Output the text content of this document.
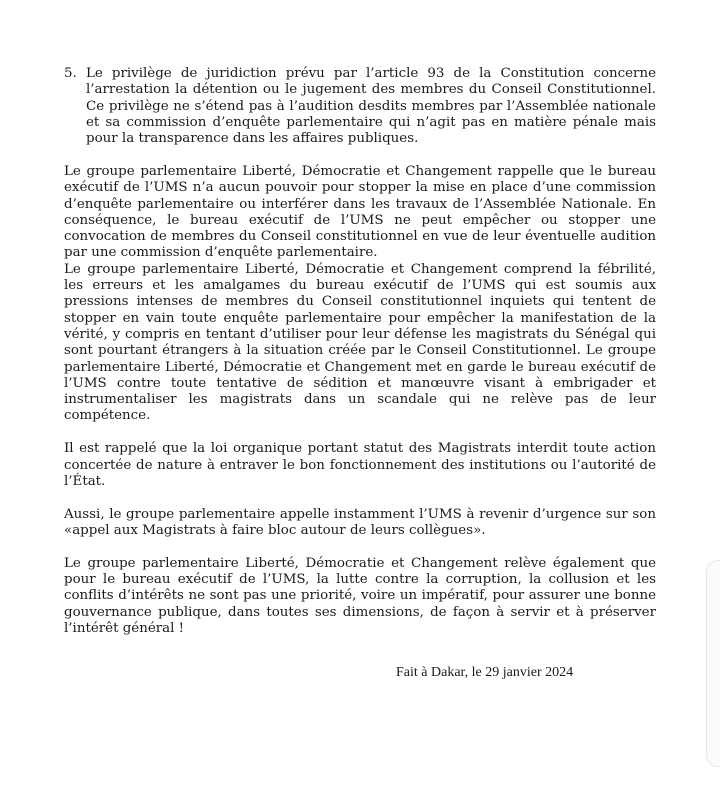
5. Le privilège de juridiction prévu par l’article 93 de la Constitution concerne l’arrestation la détention ou le jugement des membres du Conseil Constitutionnel. Ce privilège ne s’étend pas à l’audition desdits membres par l’Assemblée nationale et sa commission d’enquête parlementaire qui n’agit pas en matière pénale mais pour la transparence dans les affaires publiques.

Le groupe parlementaire Liberté, Démocratie et Changement rappelle que le bureau exécutif de l’UMS n’a aucun pouvoir pour stopper la mise en place d’une commission d’enquête parlementaire ou interférer dans les travaux de l’Assemblée Nationale. En conséquence, le bureau exécutif de l’UMS ne peut empêcher ou stopper une convocation de membres du Conseil constitutionnel en vue de leur éventuelle audition par une commission d’enquête parlementaire.

Le groupe parlementaire Liberté, Démocratie et Changement comprend la fébrilité, les erreurs et les amalgames du bureau exécutif de l’UMS qui est soumis aux pressions intenses de membres du Conseil constitutionnel inquiets qui tentent de stopper en vain toute enquête parlementaire pour empêcher la manifestation de la vérité, y compris en tentant d’utiliser pour leur défense les magistrats du Sénégal qui sont pourtant étrangers à la situation créée par le Conseil Constitutionnel. Le groupe parlementaire Liberté, Démocratie et Changement met en garde le bureau exécutif de l’UMS contre toute tentative de sédition et manœuvre visant à embrigader et instrumentaliser les magistrats dans un scandale qui ne relève pas de leur compétence.

Il est rappelé que la loi organique portant statut des Magistrats interdit toute action concertée de nature à entraver le bon fonctionnement des institutions ou l’autorité de l’État.

Aussi, le groupe parlementaire appelle instamment l’UMS à revenir d’urgence sur son «appel aux Magistrats à faire bloc autour de leurs collègues».

Le groupe parlementaire Liberté, Démocratie et Changement relève également que pour le bureau exécutif de l’UMS, la lutte contre la corruption, la collusion et les conflits d’intérêts ne sont pas une priorité, voire un impératif, pour assurer une bonne gouvernance publique, dans toutes ses dimensions, de façon à servir et à préserver l’intérêt général !

Fait à Dakar, le 29 janvier 2024
